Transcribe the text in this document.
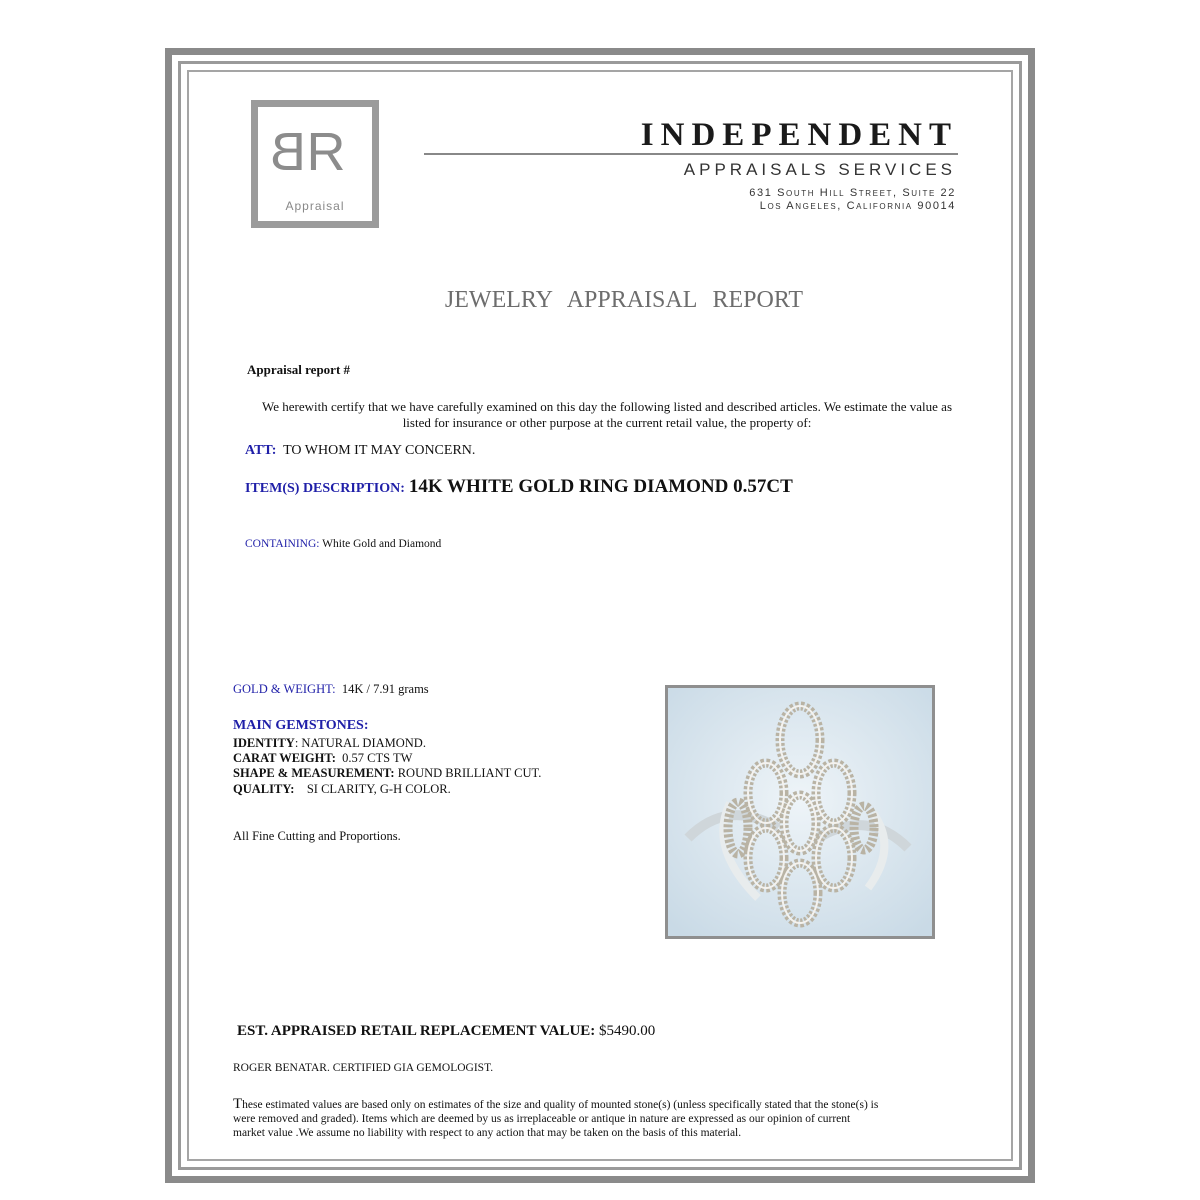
BR
Appraisal
INDEPENDENT
APPRAISALS SERVICES
631 South Hill Street, Suite 22
Los Angeles, California 90014
JEWELRY APPRAISAL REPORT
Appraisal report #
We herewith certify that we have carefully examined on this day the following listed and described articles. We estimate the value as
listed for insurance or other purpose at the current retail value, the property of:
ATT: TO WHOM IT MAY CONCERN.
ITEM(S) DESCRIPTION: 14K WHITE GOLD RING DIAMOND 0.57CT
CONTAINING: White Gold and Diamond
GOLD & WEIGHT: 14K / 7.91 grams
MAIN GEMSTONES:
IDENTITY: NATURAL DIAMOND.
CARAT WEIGHT: 0.57 CTS TW
SHAPE & MEASUREMENT: ROUND BRILLIANT CUT.
QUALITY: SI CLARITY, G-H COLOR.
All Fine Cutting and Proportions.
EST. APPRAISED RETAIL REPLACEMENT VALUE: $5490.00
ROGER BENATAR. CERTIFIED GIA GEMOLOGIST.
These estimated values are based only on estimates of the size and quality of mounted stone(s) (unless specifically stated that the stone(s) is
were removed and graded). Items which are deemed by us as irreplaceable or antique in nature are expressed as our opinion of current
market value .We assume no liability with respect to any action that may be taken on the basis of this material.
